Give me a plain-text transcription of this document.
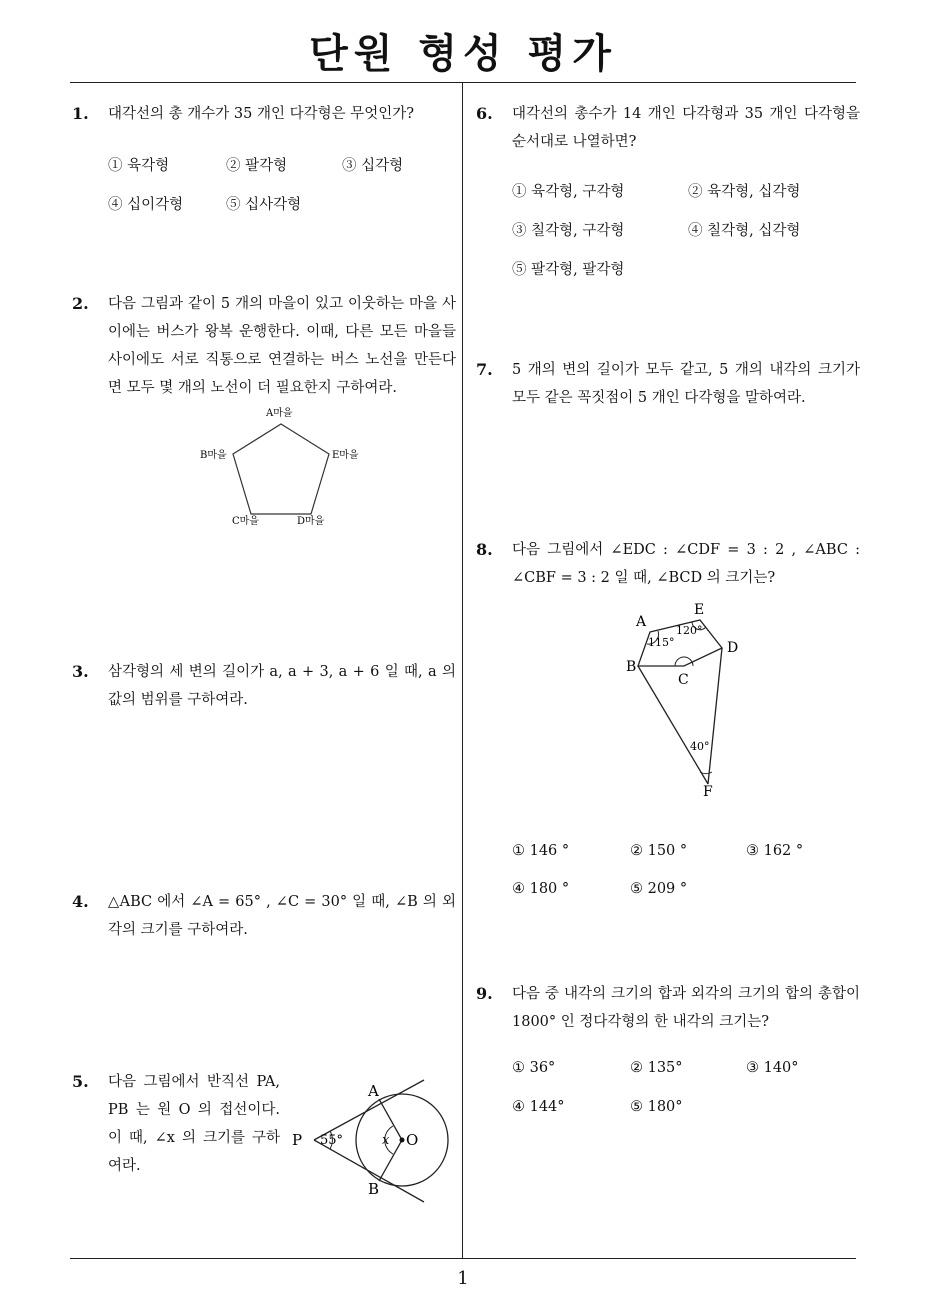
단원 형성 평가
1.	대각선의 총 개수가 35 개인 다각형은 무엇인가?
① 육각형	② 팔각형	③ 십각형
④ 십이각형	⑤ 십사각형
2.	다음 그림과 같이 5 개의 마을이 있고 이웃하는 마을 사이에는 버스가 왕복 운행한다. 이때, 다른 모든 마을들 사이에도 서로 직통으로 연결하는 버스 노선을 만든다면 모두 몇 개의 노선이 더 필요한지 구하여라.
A마을
B마을
C마을	D마을
E마을
3.	삼각형의 세 변의 길이가 a, a + 3, a + 6 일 때, a 의 값의 범위를 구하여라.
4.	△ABC 에서 ∠A = 65° , ∠C = 30° 일 때, ∠B 의 외각의 크기를 구하여라.
5.	다음 그림에서 반직선 PA, PB 는 원 O 의 접선이다. 이 때, ∠x 의 크기를 구하여라.
A
B
P	O
x
55°
6.	대각선의 총수가 14 개인 다각형과 35 개인 다각형을 순서대로 나열하면?
① 육각형, 구각형	② 육각형, 십각형
③ 칠각형, 구각형	④ 칠각형, 십각형
⑤ 팔각형, 팔각형
7.	5 개의 변의 길이가 모두 같고, 5 개의 내각의 크기가 모두 같은 꼭짓점이 5 개인 다각형을 말하여라.
8.	다음 그림에서 ∠EDC : ∠CDF = 3 : 2 , ∠ABC : ∠CBF = 3 : 2 일 때, ∠BCD 의 크기는?
A
E
D
C
B
F
115°
120°
40°
① 146 °	② 150 °	③ 162 °
④ 180 °	⑤ 209 °
9.	다음 중 내각의 크기의 합과 외각의 크기의 합의 총합이 1800° 인 정다각형의 한 내각의 크기는?
① 36°	② 135°	③ 140°
④ 144°	⑤ 180°
1
